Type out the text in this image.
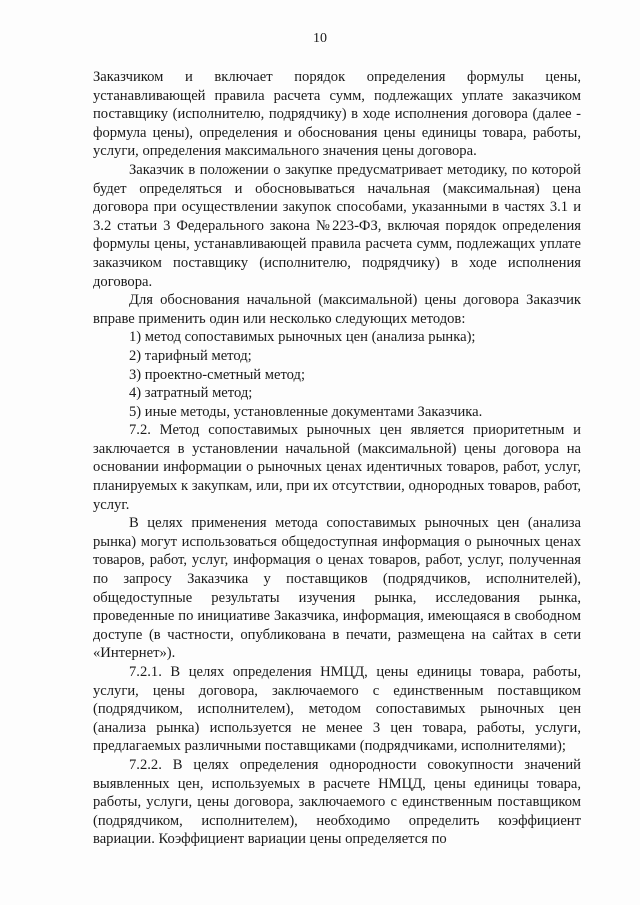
10

Заказчиком и включает порядок определения формулы цены, устанавливающей правила расчета сумм, подлежащих уплате заказчиком поставщику (исполнителю, подрядчику) в ходе исполнения договора (далее - формула цены), определения и обоснования цены единицы товара, работы, услуги, определения максимального значения цены договора.

Заказчик в положении о закупке предусматривает методику, по которой будет определяться и обосновываться начальная (максимальная) цена договора при осуществлении закупок способами, указанными в частях 3.1 и 3.2 статьи 3 Федерального закона №223-ФЗ, включая порядок определения формулы цены, устанавливающей правила расчета сумм, подлежащих уплате заказчиком поставщику (исполнителю, подрядчику) в ходе исполнения договора.

Для обоснования начальной (максимальной) цены договора Заказчик вправе применить один или несколько следующих методов:

1) метод сопоставимых рыночных цен (анализа рынка);

2) тарифный метод;

3) проектно-сметный метод;

4) затратный метод;

5) иные методы, установленные документами Заказчика.

7.2. Метод сопоставимых рыночных цен является приоритетным и заключается в установлении начальной (максимальной) цены договора на основании информации о рыночных ценах идентичных товаров, работ, услуг, планируемых к закупкам, или, при их отсутствии, однородных товаров, работ, услуг.

В целях применения метода сопоставимых рыночных цен (анализа рынка) могут использоваться общедоступная информация о рыночных ценах товаров, работ, услуг, информация о ценах товаров, работ, услуг, полученная по запросу Заказчика у поставщиков (подрядчиков, исполнителей), общедоступные результаты изучения рынка, исследования рынка, проведенные по инициативе Заказчика, информация, имеющаяся в свободном доступе (в частности, опубликована в печати, размещена на сайтах в сети «Интернет»).

7.2.1. В целях определения НМЦД, цены единицы товара, работы, услуги, цены договора, заключаемого с единственным поставщиком (подрядчиком, исполнителем), методом сопоставимых рыночных цен (анализа рынка) используется не менее 3 цен товара, работы, услуги, предлагаемых различными поставщиками (подрядчиками, исполнителями);

7.2.2. В целях определения однородности совокупности значений выявленных цен, используемых в расчете НМЦД, цены единицы товара, работы, услуги, цены договора, заключаемого с единственным поставщиком (подрядчиком, исполнителем), необходимо определить коэффициент вариации. Коэффициент вариации цены определяется по
